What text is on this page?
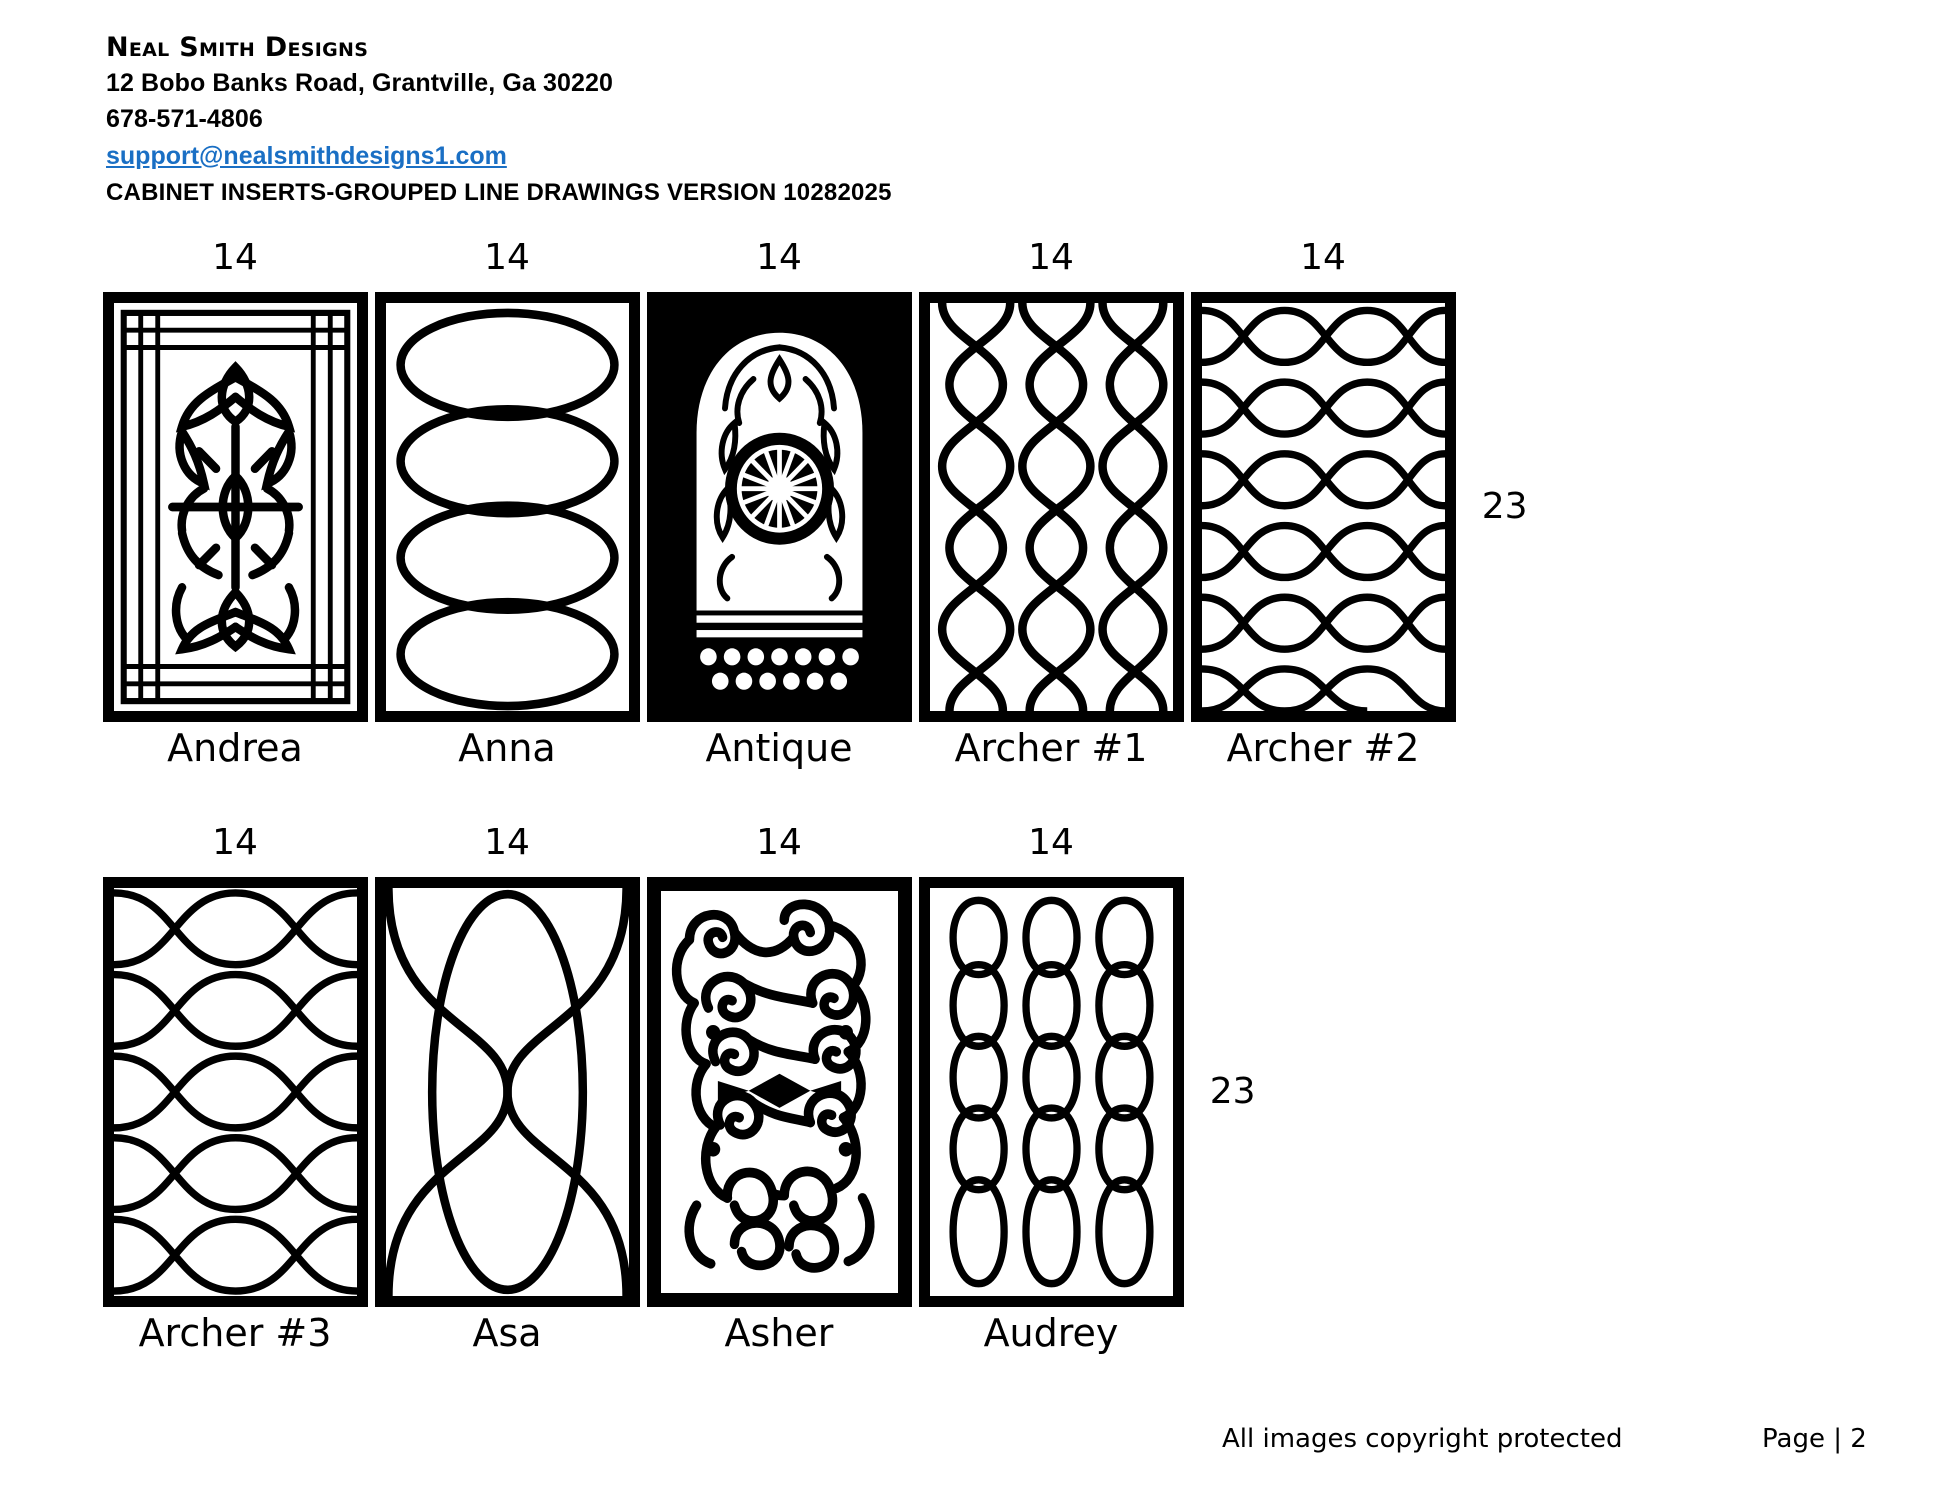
Neal Smith Designs
12 Bobo Banks Road, Grantville, Ga 30220
678-571-4806
support@nealsmithdesigns1.com
CABINET INSERTS-GROUPED LINE DRAWINGS VERSION 10282025
14
Andrea
14
Anna
14
Antique
14
Archer #1
14
23
Archer #2
14
Archer #3
14
Asa
14
Asher
14
23
Audrey
All images copyright protected	Page | 2
